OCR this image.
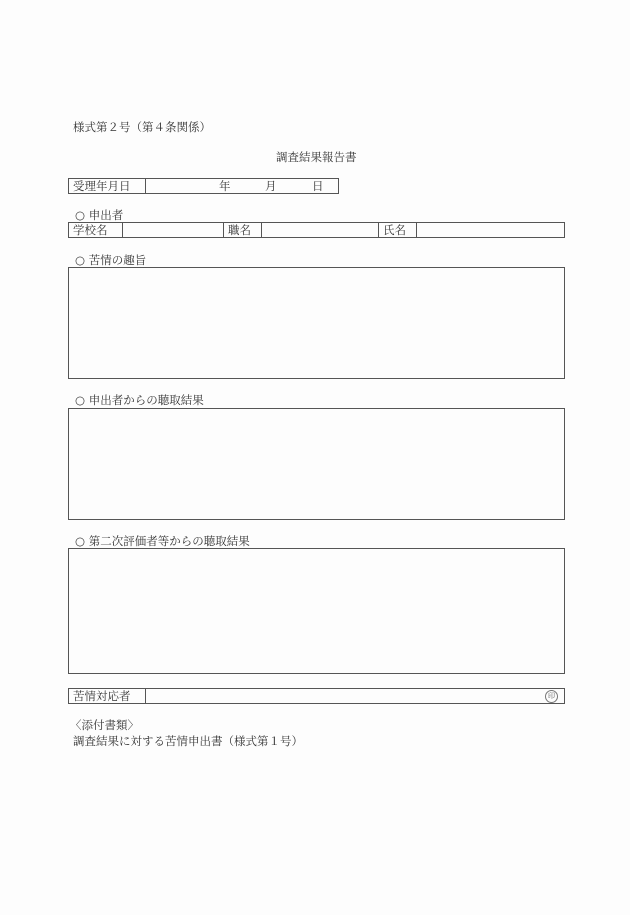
様式第２号（第４条関係）
調査結果報告書
受理年月日	年	月	日
○ 申出者
学校名	職名	氏名
○ 苦情の趣旨
○ 申出者からの聴取結果
○ 第二次評価者等からの聴取結果
苦情対応者	印
〈添付書類〉
調査結果に対する苦情申出書（様式第１号）
